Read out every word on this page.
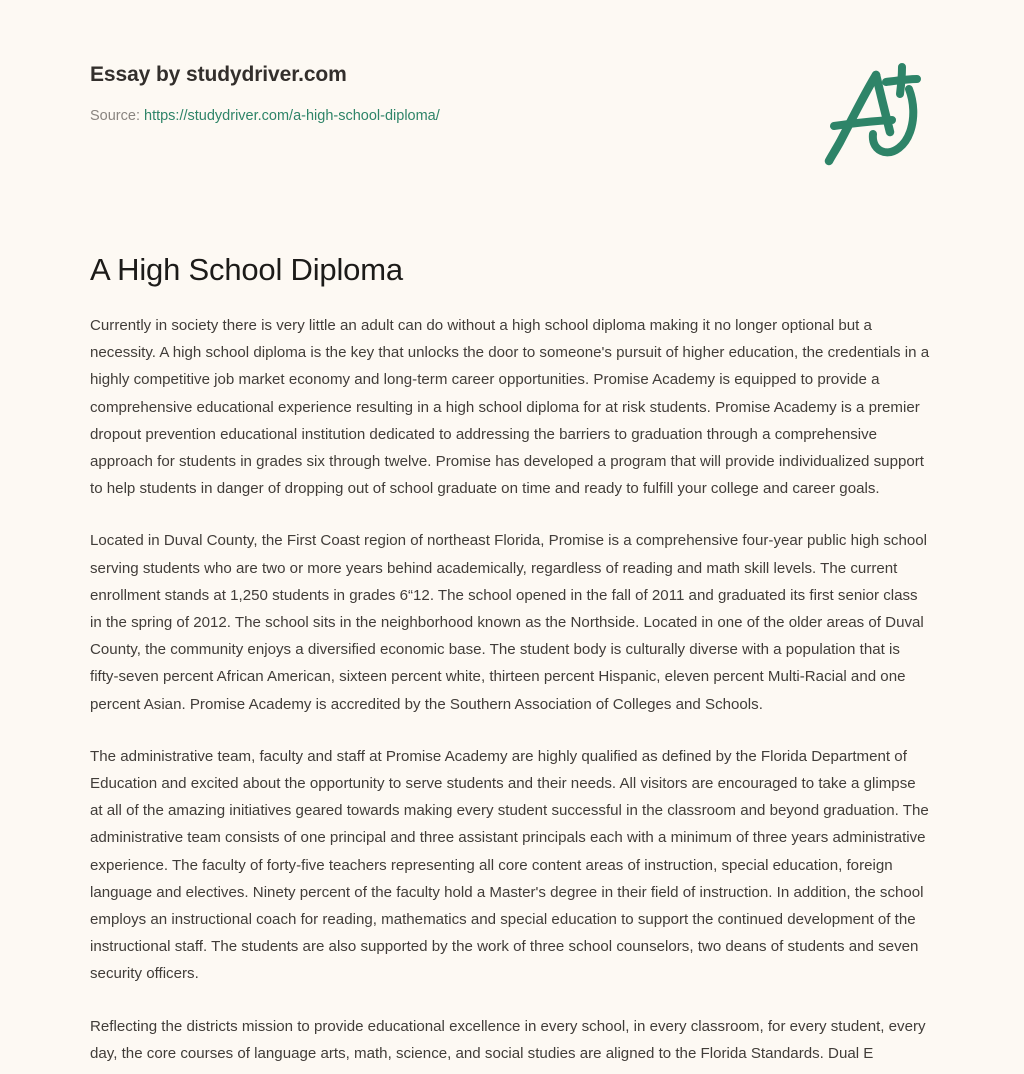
Essay by studydriver.com
Source: https://studydriver.com/a-high-school-diploma/
A High School Diploma

Currently in society there is very little an adult can do without a high school diploma making it no longer optional but a necessity. A high school diploma is the key that unlocks the door to someone's pursuit of higher education, the credentials in a highly competitive job market economy and long-term career opportunities. Promise Academy is equipped to provide a comprehensive educational experience resulting in a high school diploma for at risk students. Promise Academy is a premier dropout prevention educational institution dedicated to addressing the barriers to graduation through a comprehensive approach for students in grades six through twelve. Promise has developed a program that will provide individualized support to help students in danger of dropping out of school graduate on time and ready to fulfill your college and career goals.

Located in Duval County, the First Coast region of northeast Florida, Promise is a comprehensive four-year public high school serving students who are two or more years behind academically, regardless of reading and math skill levels. The current enrollment stands at 1,250 students in grades 6“12. The school opened in the fall of 2011 and graduated its first senior class in the spring of 2012. The school sits in the neighborhood known as the Northside. Located in one of the older areas of Duval County, the community enjoys a diversified economic base. The student body is culturally diverse with a population that is fifty-seven percent African American, sixteen percent white, thirteen percent Hispanic, eleven percent Multi-Racial and one percent Asian. Promise Academy is accredited by the Southern Association of Colleges and Schools.

The administrative team, faculty and staff at Promise Academy are highly qualified as defined by the Florida Department of Education and excited about the opportunity to serve students and their needs. All visitors are encouraged to take a glimpse at all of the amazing initiatives geared towards making every student successful in the classroom and beyond graduation. The administrative team consists of one principal and three assistant principals each with a minimum of three years administrative experience. The faculty of forty-five teachers representing all core content areas of instruction, special education, foreign language and electives. Ninety percent of the faculty hold a Master's degree in their field of instruction. In addition, the school employs an instructional coach for reading, mathematics and special education to support the continued development of the instructional staff. The students are also supported by the work of three school counselors, two deans of students and seven security officers.

Reflecting the districts mission to provide educational excellence in every school, in every classroom, for every student, every day, the core courses of language arts, math, science, and social studies are aligned to the Florida Standards. Dual E
